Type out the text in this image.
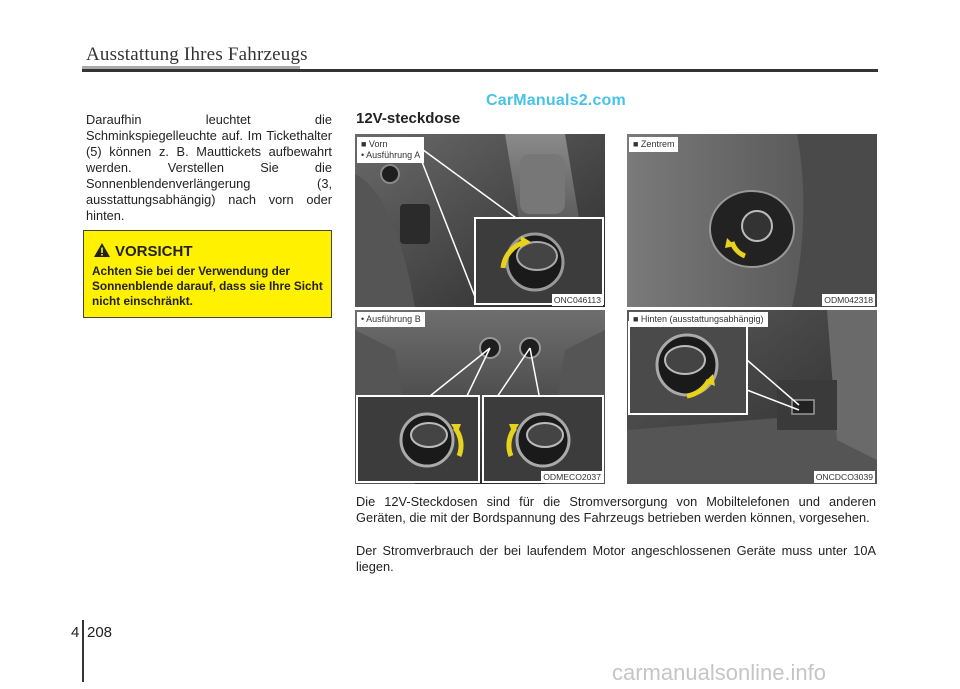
Ausstattung Ihres Fahrzeugs
CarManuals2.com
Daraufhin leuchtet die Schminkspiegelleuchte auf. Im Tickethalter (5) können z. B. Mauttickets aufbewahrt werden. Verstellen Sie die Sonnenblendenverlängerung (3, ausstattungsabhängig) nach vorn oder hinten.
VORSICHT
Achten Sie bei der Verwendung der Sonnenblende darauf, dass sie Ihre Sicht nicht einschränkt.
12V-steckdose
■ Vorn
• Ausführung A
ONC046113
■ Zentrem
ODM042318
• Ausführung B
ODMECO2037
■ Hinten (ausstattungsabhängig)
ONCDCO3039
Die 12V-Steckdosen sind für die Stromversorgung von Mobiltelefonen und anderen Geräten, die mit der Bordspannung des Fahrzeugs betrieben werden können, vorgesehen.
Der Stromverbrauch der bei laufendem Motor angeschlossenen Geräte muss unter 10A liegen.
4 208
carmanualsonline.info
